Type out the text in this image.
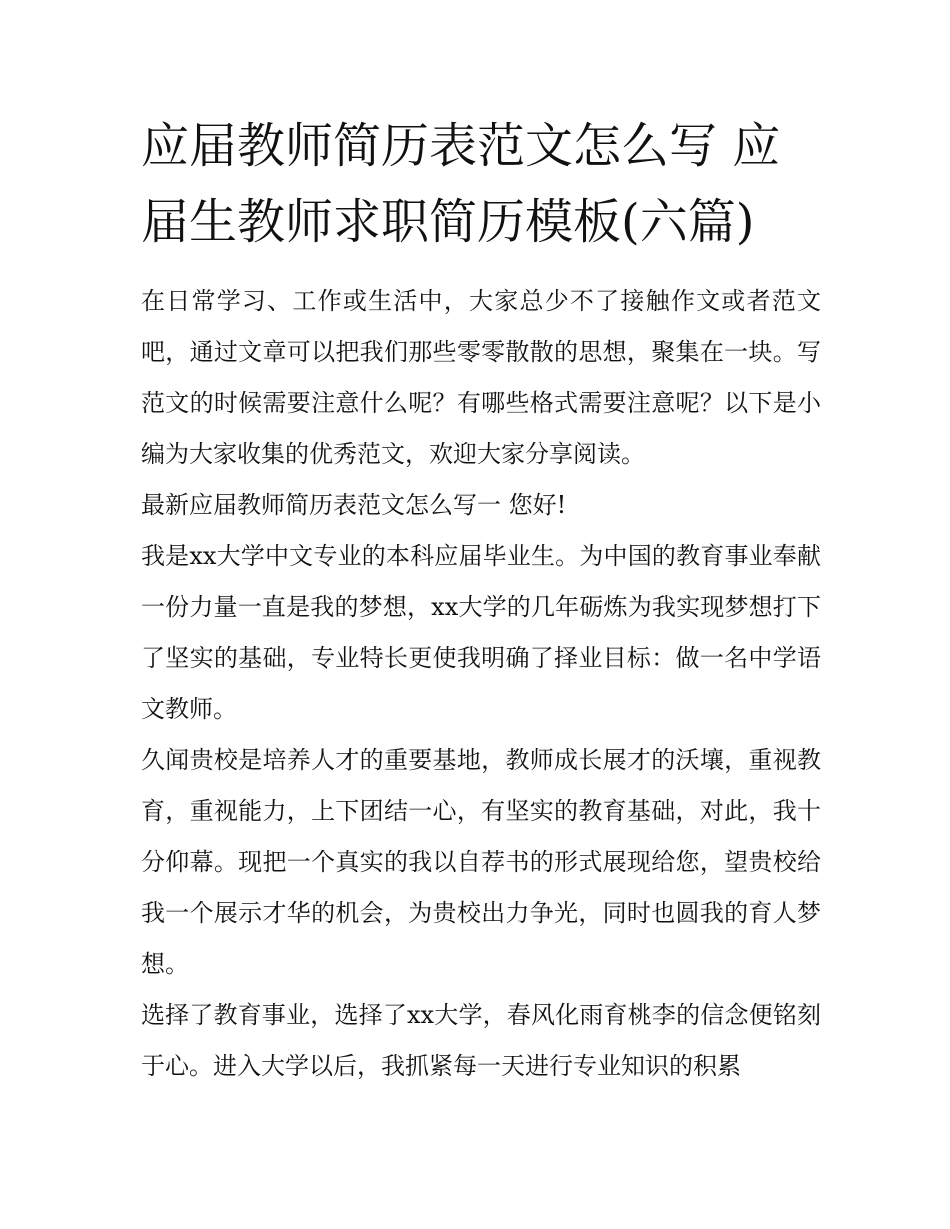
应届教师简历表范文怎么写 应届生教师求职简历模板(六篇)

在日常学习、工作或生活中，大家总少不了接触作文或者范文吧，通过文章可以把我们那些零零散散的思想，聚集在一块。写范文的时候需要注意什么呢？有哪些格式需要注意呢？以下是小编为大家收集的优秀范文，欢迎大家分享阅读。

最新应届教师简历表范文怎么写一 您好!

我是xx大学中文专业的本科应届毕业生。为中国的教育事业奉献一份力量一直是我的梦想，xx大学的几年砺炼为我实现梦想打下了坚实的基础，专业特长更使我明确了择业目标：做一名中学语文教师。

久闻贵校是培养人才的重要基地，教师成长展才的沃壤，重视教育，重视能力，上下团结一心，有坚实的教育基础，对此，我十分仰幕。现把一个真实的我以自荐书的形式展现给您，望贵校给我一个展示才华的机会，为贵校出力争光，同时也圆我的育人梦想。

选择了教育事业，选择了xx大学，春风化雨育桃李的信念便铭刻于心。进入大学以后，我抓紧每一天进行专业知识的积累
